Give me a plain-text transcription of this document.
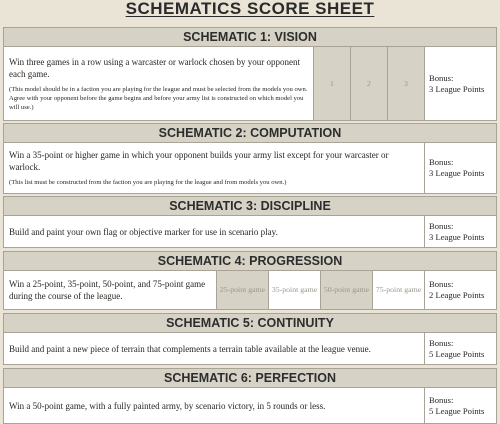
SCHEMATICS SCORE SHEET
SCHEMATIC 1: VISION
Win three games in a row using a warcaster or warlock chosen by your opponent each game.
(This model should be in a faction you are playing for the league and must be selected from the models you own. Agree with your opponent before the game begins and before your army list is constructed on which model you will use.)
1	2	3
Bonus:
3 League Points
SCHEMATIC 2: COMPUTATION
Win a 35-point or higher game in which your opponent builds your army list except for your warcaster or warlock.
(This list must be constructed from the faction you are playing for the league and from models you own.)
Bonus:
3 League Points
SCHEMATIC 3: DISCIPLINE
Build and paint your own flag or objective marker for use in scenario play.
Bonus:
3 League Points
SCHEMATIC 4: PROGRESSION
Win a 25-point, 35-point, 50-point, and 75-point game during the course of the league.
25-point game 35-point game 50-point game 75-point game
Bonus:
2 League Points
SCHEMATIC 5: CONTINUITY
Build and paint a new piece of terrain that complements a terrain table available at the league venue.
Bonus:
5 League Points
SCHEMATIC 6: PERFECTION
Win a 50-point game, with a fully painted army, by scenario victory, in 5 rounds or less.
Bonus:
5 League Points
